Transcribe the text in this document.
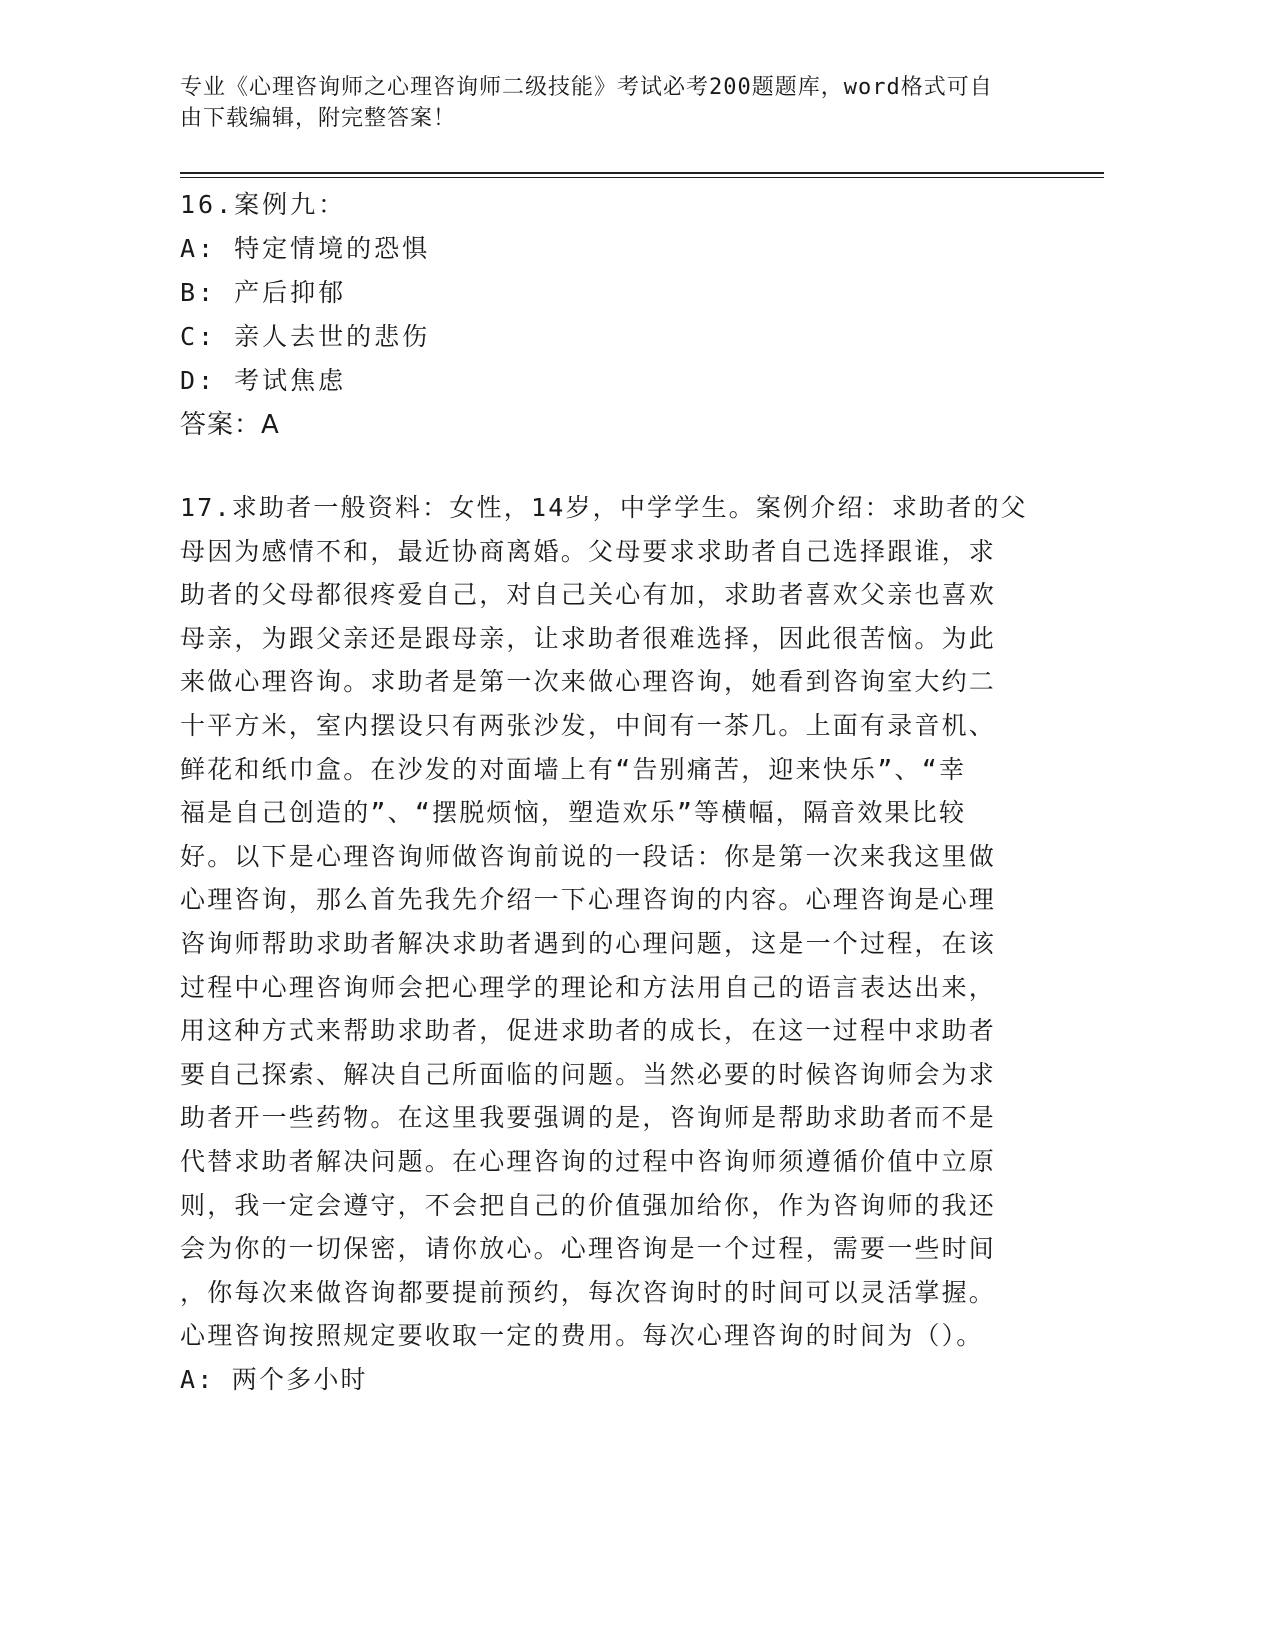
专业《心理咨询师之心理咨询师二级技能》考试必考200题题库，word格式可自
由下载编辑，附完整答案！
16.案例九：
A: 特定情境的恐惧
B: 产后抑郁
C: 亲人去世的悲伤
D: 考试焦虑
答案：A
17.求助者一般资料：女性，14岁，中学学生。案例介绍：求助者的父
母因为感情不和，最近协商离婚。父母要求求助者自己选择跟谁，求
助者的父母都很疼爱自己，对自己关心有加，求助者喜欢父亲也喜欢
母亲，为跟父亲还是跟母亲，让求助者很难选择，因此很苦恼。为此
来做心理咨询。求助者是第一次来做心理咨询，她看到咨询室大约二
十平方米，室内摆设只有两张沙发，中间有一茶几。上面有录音机、
鲜花和纸巾盒。在沙发的对面墙上有“告别痛苦，迎来快乐”、“幸
福是自己创造的”、“摆脱烦恼，塑造欢乐”等横幅，隔音效果比较
好。以下是心理咨询师做咨询前说的一段话：你是第一次来我这里做
心理咨询，那么首先我先介绍一下心理咨询的内容。心理咨询是心理
咨询师帮助求助者解决求助者遇到的心理问题，这是一个过程，在该
过程中心理咨询师会把心理学的理论和方法用自己的语言表达出来，
用这种方式来帮助求助者，促进求助者的成长，在这一过程中求助者
要自己探索、解决自己所面临的问题。当然必要的时候咨询师会为求
助者开一些药物。在这里我要强调的是，咨询师是帮助求助者而不是
代替求助者解决问题。在心理咨询的过程中咨询师须遵循价值中立原
则，我一定会遵守，不会把自己的价值强加给你，作为咨询师的我还
会为你的一切保密，请你放心。心理咨询是一个过程，需要一些时间
，你每次来做咨询都要提前预约，每次咨询时的时间可以灵活掌握。
心理咨询按照规定要收取一定的费用。每次心理咨询的时间为（）。
A: 两个多小时
